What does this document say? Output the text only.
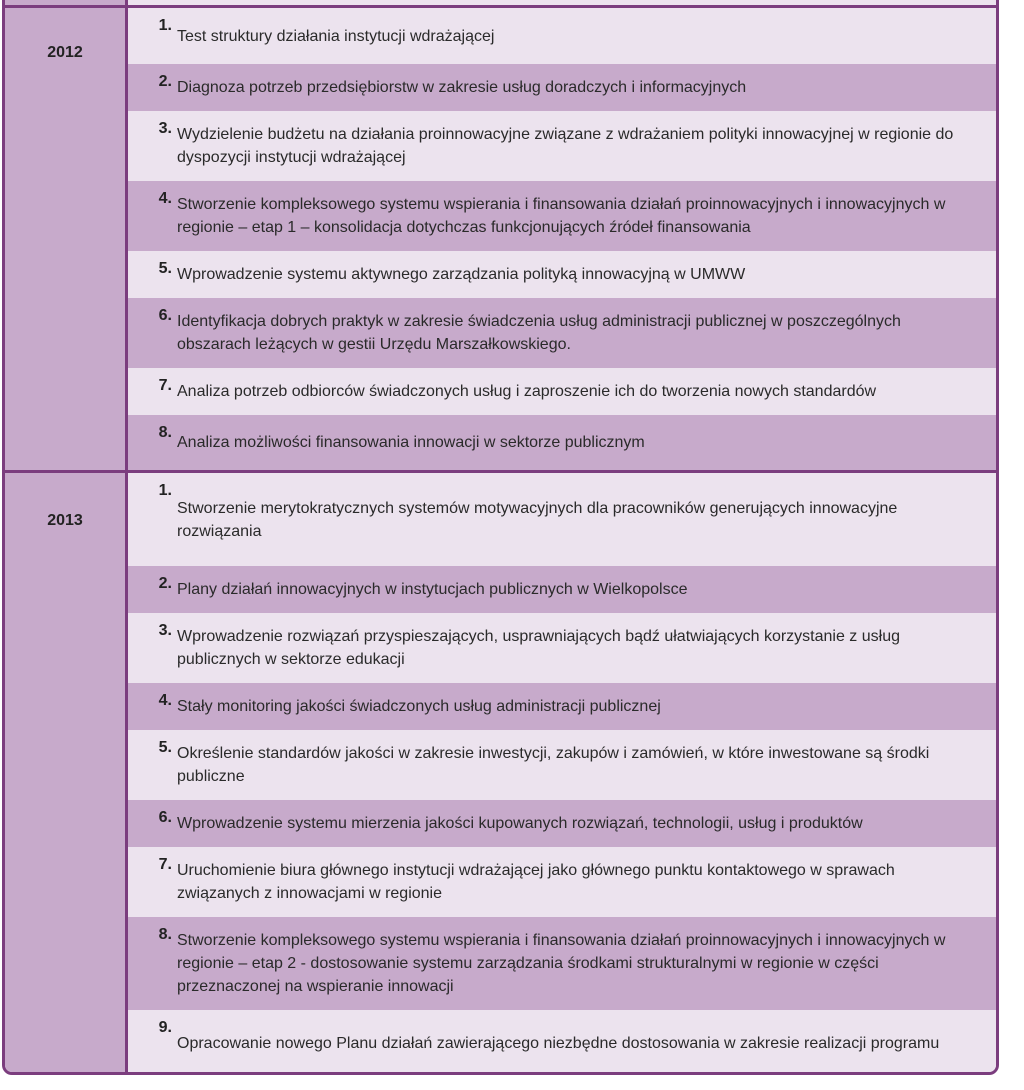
2012
1.
Test struktury działania instytucji wdrażającej
2. Diagnoza potrzeb przedsiębiorstw w zakresie usług doradczych i informacyjnych
3. Wydzielenie budżetu na działania proinnowacyjne związane z wdrażaniem polityki innowacyjnej w regionie do dyspozycji instytucji wdrażającej
4. Stworzenie kompleksowego systemu wspierania i finansowania działań proinnowacyjnych i innowacyjnych w regionie – etap 1 – konsolidacja dotychczas funkcjonujących źródeł finansowania
5. Wprowadzenie systemu aktywnego zarządzania polityką innowacyjną w UMWW
6. Identyfikacja dobrych praktyk w zakresie świadczenia usług administracji publicznej w poszczególnych obszarach leżących w gestii Urzędu Marszałkowskiego.
7. Analiza potrzeb odbiorców świadczonych usług i zaproszenie ich do tworzenia nowych standardów
8.
Analiza możliwości finansowania innowacji w sektorze publicznym
2013
1.
Stworzenie merytokratycznych systemów motywacyjnych dla pracowników generujących innowacyjne rozwiązania
2. Plany działań innowacyjnych w instytucjach publicznych w Wielkopolsce
3. Wprowadzenie rozwiązań przyspieszających, usprawniających bądź ułatwiających korzystanie z usług publicznych w sektorze edukacji
4. Stały monitoring jakości świadczonych usług administracji publicznej
5. Określenie standardów jakości w zakresie inwestycji, zakupów i zamówień, w które inwestowane są środki publiczne
6. Wprowadzenie systemu mierzenia jakości kupowanych rozwiązań, technologii, usług i produktów
7. Uruchomienie biura głównego instytucji wdrażającej jako głównego punktu kontaktowego w sprawach związanych z innowacjami w regionie
8. Stworzenie kompleksowego systemu wspierania i finansowania działań proinnowacyjnych i innowacyjnych w regionie – etap 2 - dostosowanie systemu zarządzania środkami strukturalnymi w regionie w części przeznaczonej na wspieranie innowacji
9.
Opracowanie nowego Planu działań zawierającego niezbędne dostosowania w zakresie realizacji programu
